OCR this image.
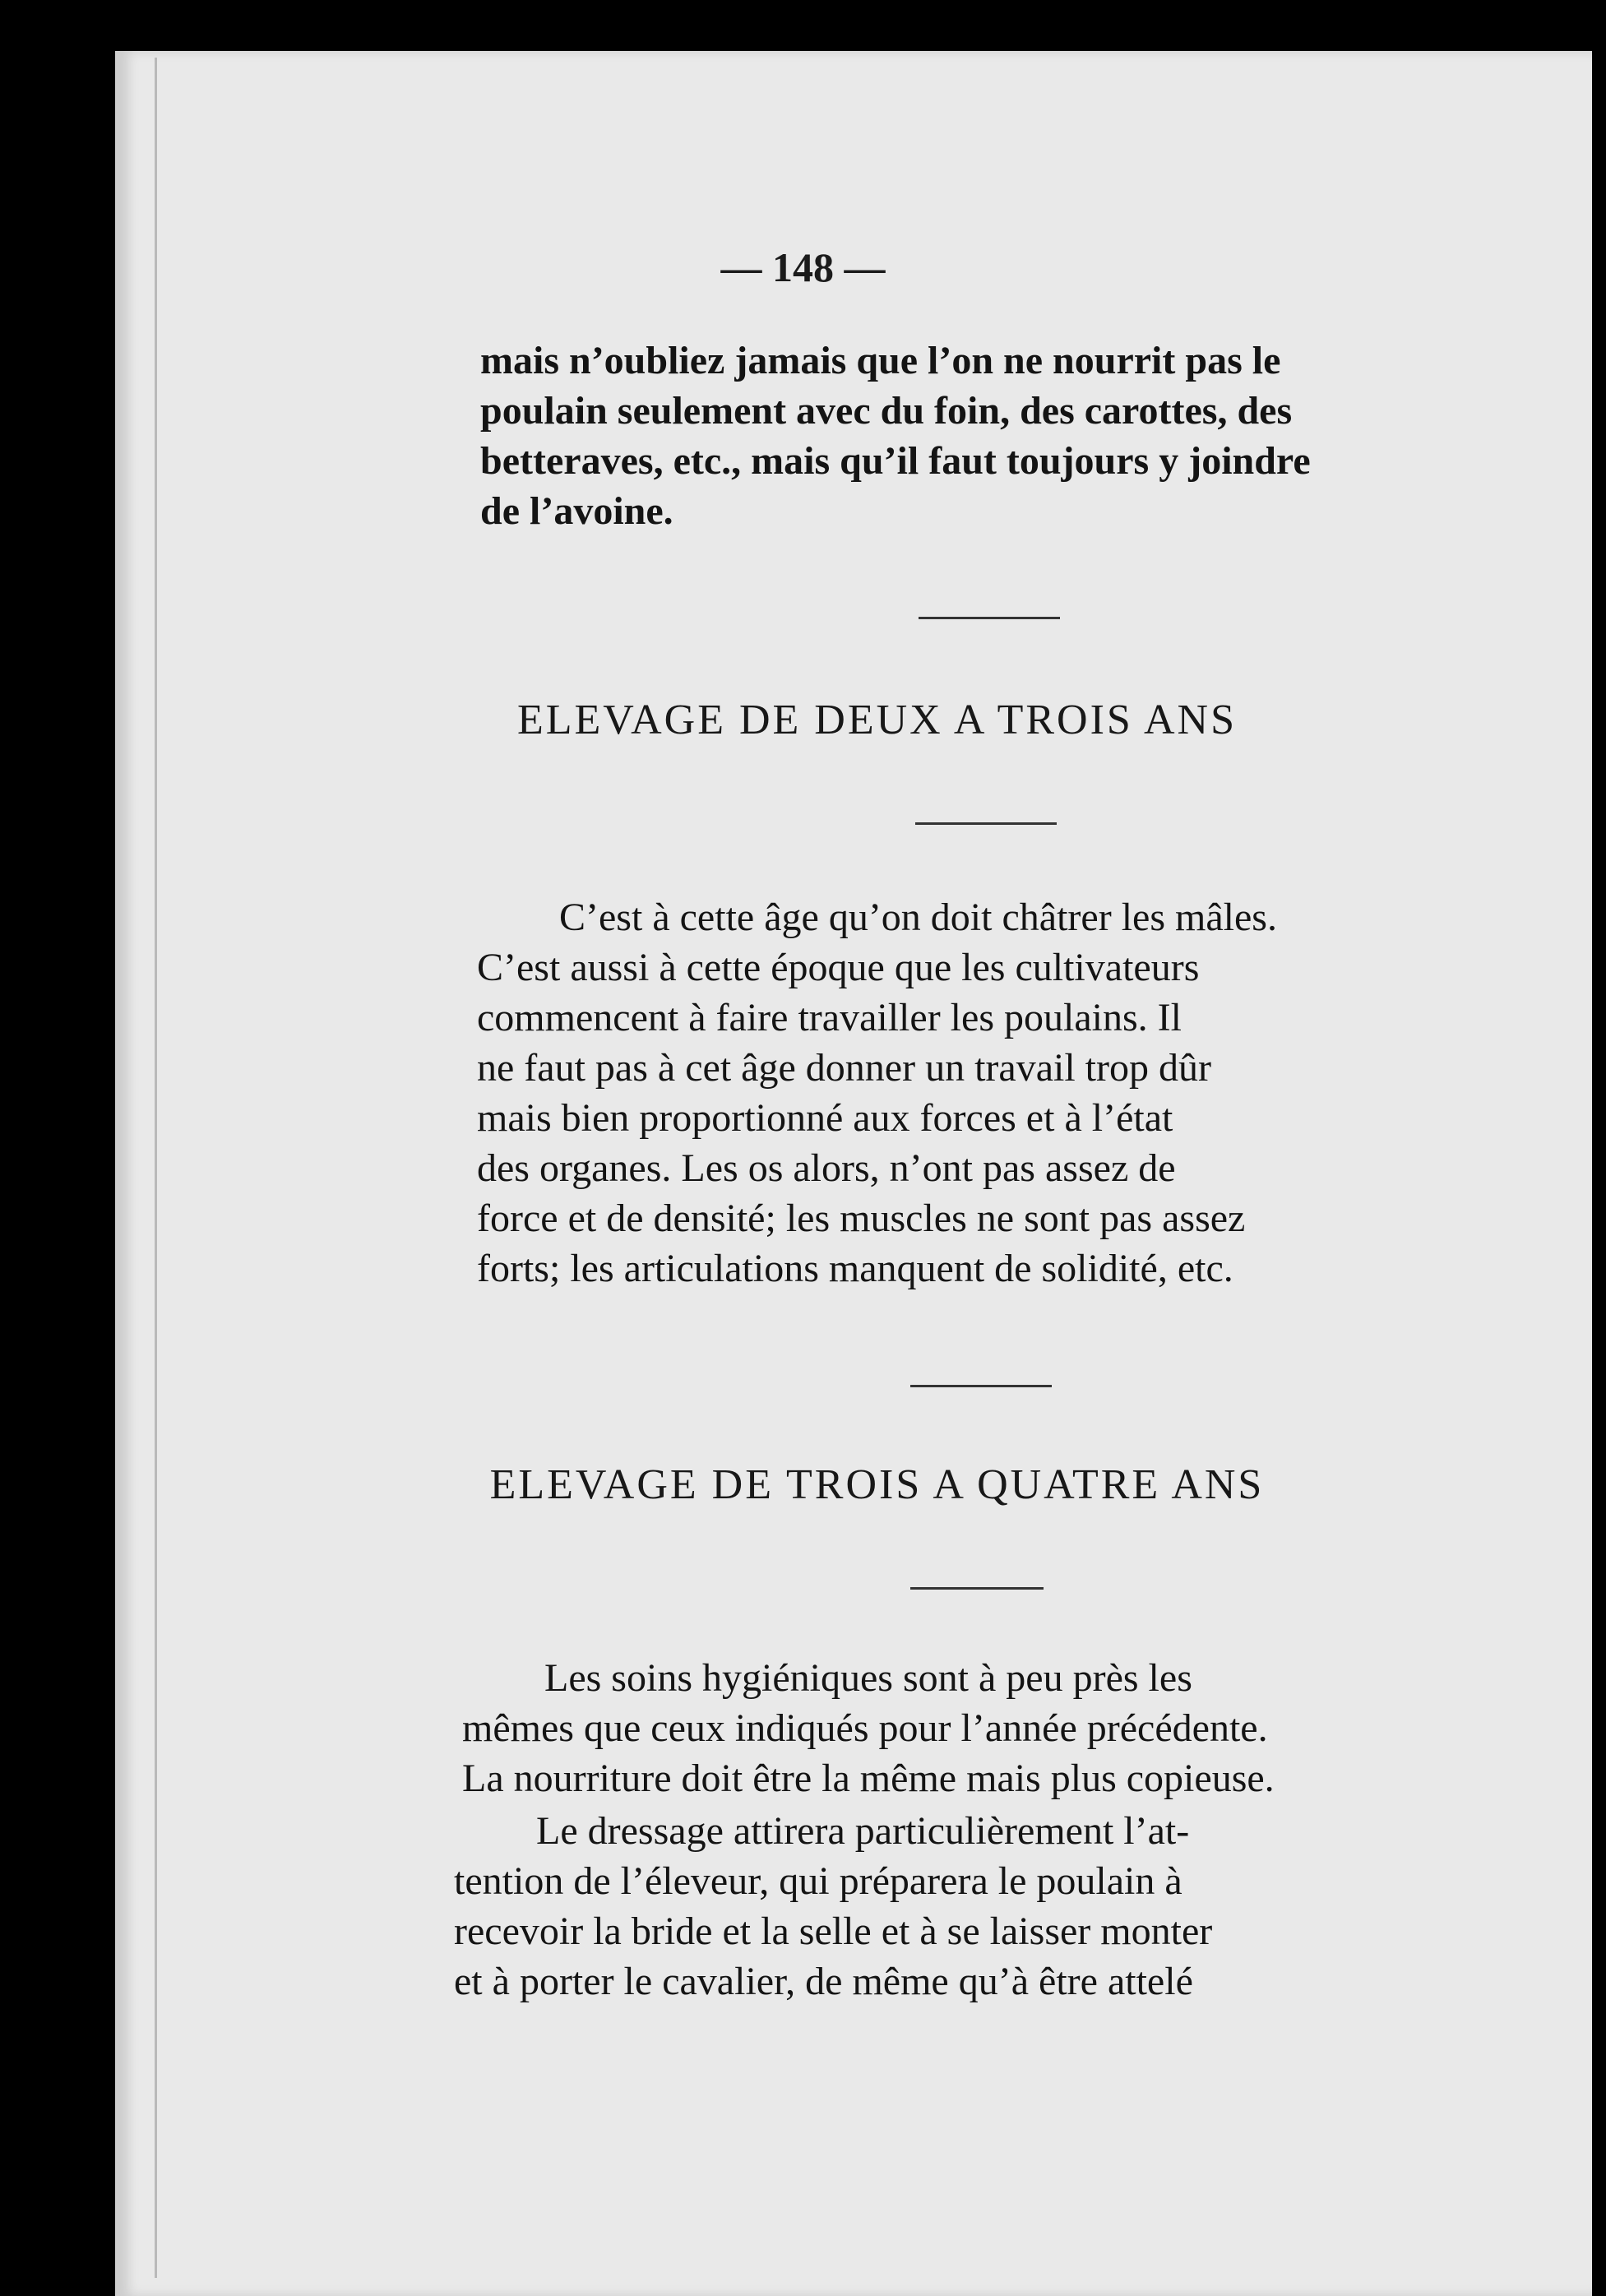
— 148 —
mais n’oubliez jamais que l’on ne nourrit pas le
poulain seulement avec du foin, des carottes, des
betteraves, etc., mais qu’il faut toujours y joindre
de l’avoine.
ELEVAGE DE DEUX A TROIS ANS
C’est à cette âge qu’on doit châtrer les mâles.
C’est aussi à cette époque que les cultivateurs
commencent à faire travailler les poulains. Il
ne faut pas à cet âge donner un travail trop dûr
mais bien proportionné aux forces et à l’état
des organes. Les os alors, n’ont pas assez de
force et de densité; les muscles ne sont pas assez
forts; les articulations manquent de solidité, etc.
ELEVAGE DE TROIS A QUATRE ANS
Les soins hygiéniques sont à peu près les
mêmes que ceux indiqués pour l’année précédente.
La nourriture doit être la même mais plus copieuse.
Le dressage attirera particulièrement l’at-
tention de l’éleveur, qui préparera le poulain à
recevoir la bride et la selle et à se laisser monter
et à porter le cavalier, de même qu’à être attelé
